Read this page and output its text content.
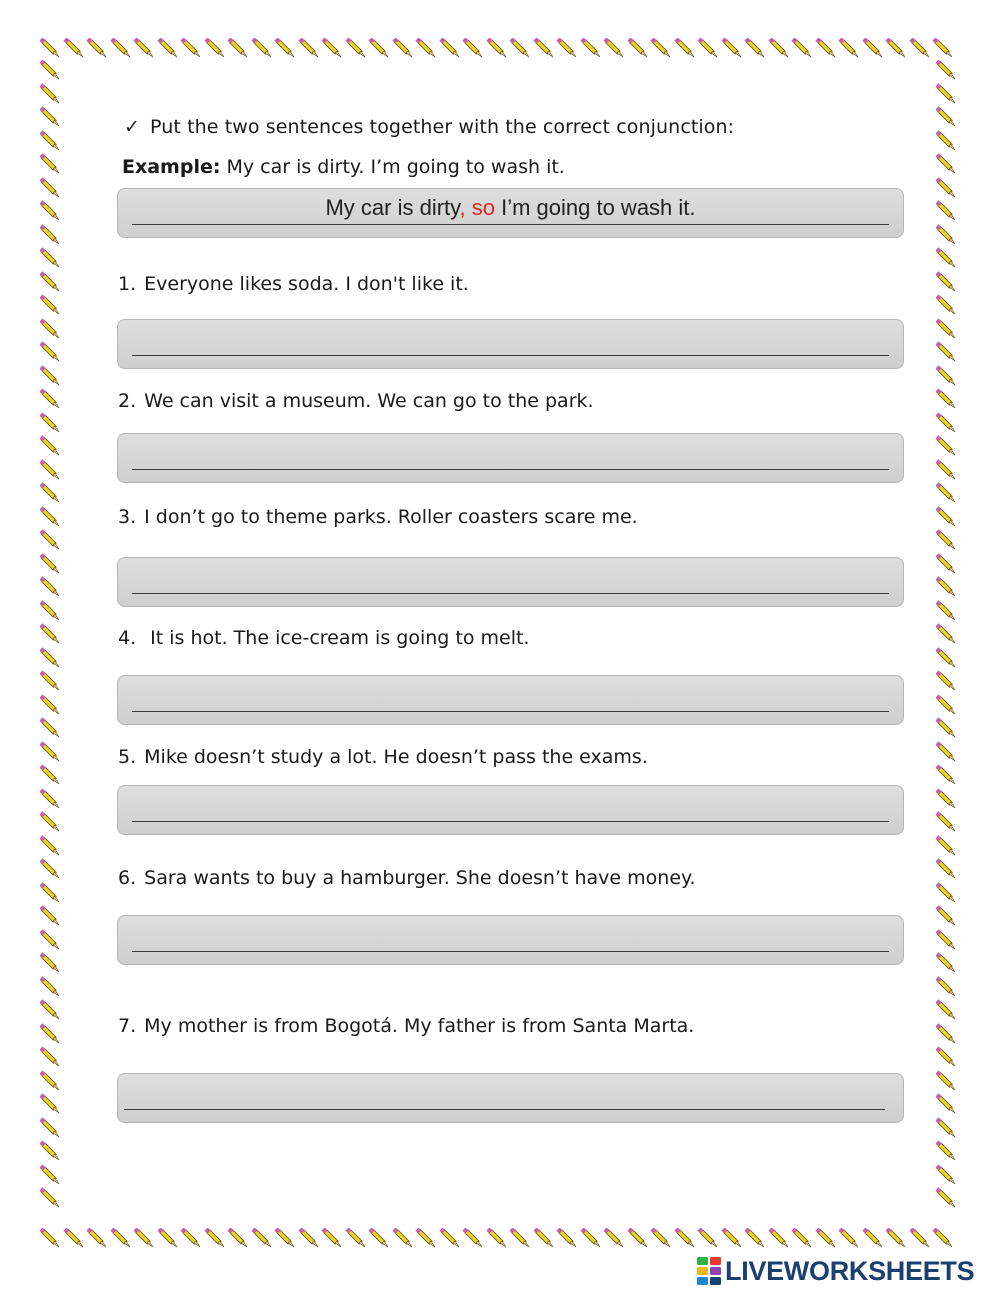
✓ Put the two sentences together with the correct conjunction:
Example: My car is dirty. I’m going to wash it.
My car is dirty, so I’m going to wash it.
1. Everyone likes soda. I don't like it.
2. We can visit a museum. We can go to the park.
3. I don’t go to theme parks. Roller coasters scare me.
4. It is hot. The ice-cream is going to melt.
5. Mike doesn’t study a lot. He doesn’t pass the exams.
6. Sara wants to buy a hamburger. She doesn’t have money.
7. My mother is from Bogotá. My father is from Santa Marta.
LIVEWORKSHEETS
